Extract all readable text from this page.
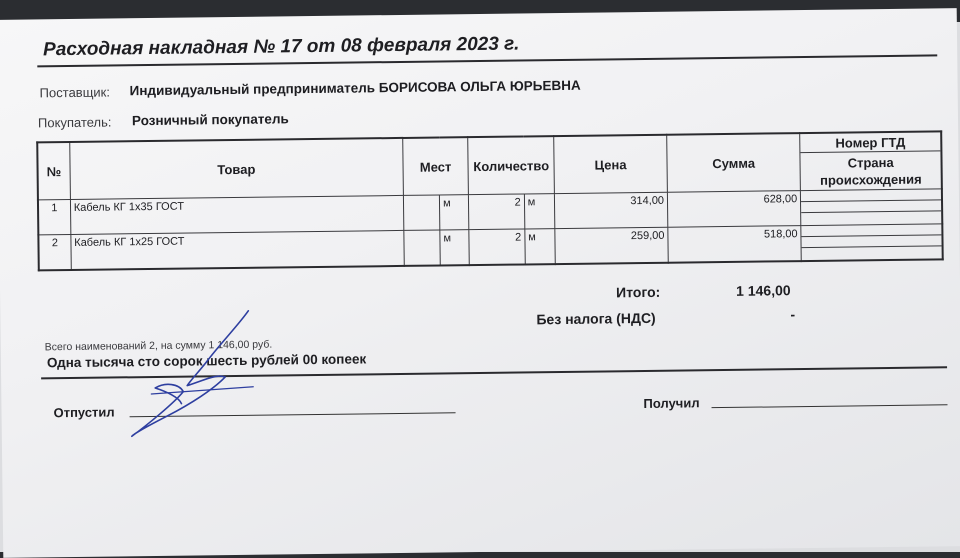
Расходная накладная № 17 от 08 февраля 2023 г.
Поставщик: Индивидуальный предприниматель БОРИСОВА ОЛЬГА ЮРЬЕВНА
Покупатель: Розничный покупатель
№	Товар	Мест		Количество		Цена	Сумма	Номер ГТД
Страна происхождения

1	Кабель КГ 1х35 ГОСТ		м	2	м	314,00	628,00	

2	Кабель КГ 1х25 ГОСТ		м	2	м	259,00	518,00	
Итого:	1 146,00
Без налога (НДС)	-
Всего наименований 2, на сумму 1 146,00 руб.
Одна тысяча сто сорок шесть рублей 00 копеек
Отпустил
Получил
